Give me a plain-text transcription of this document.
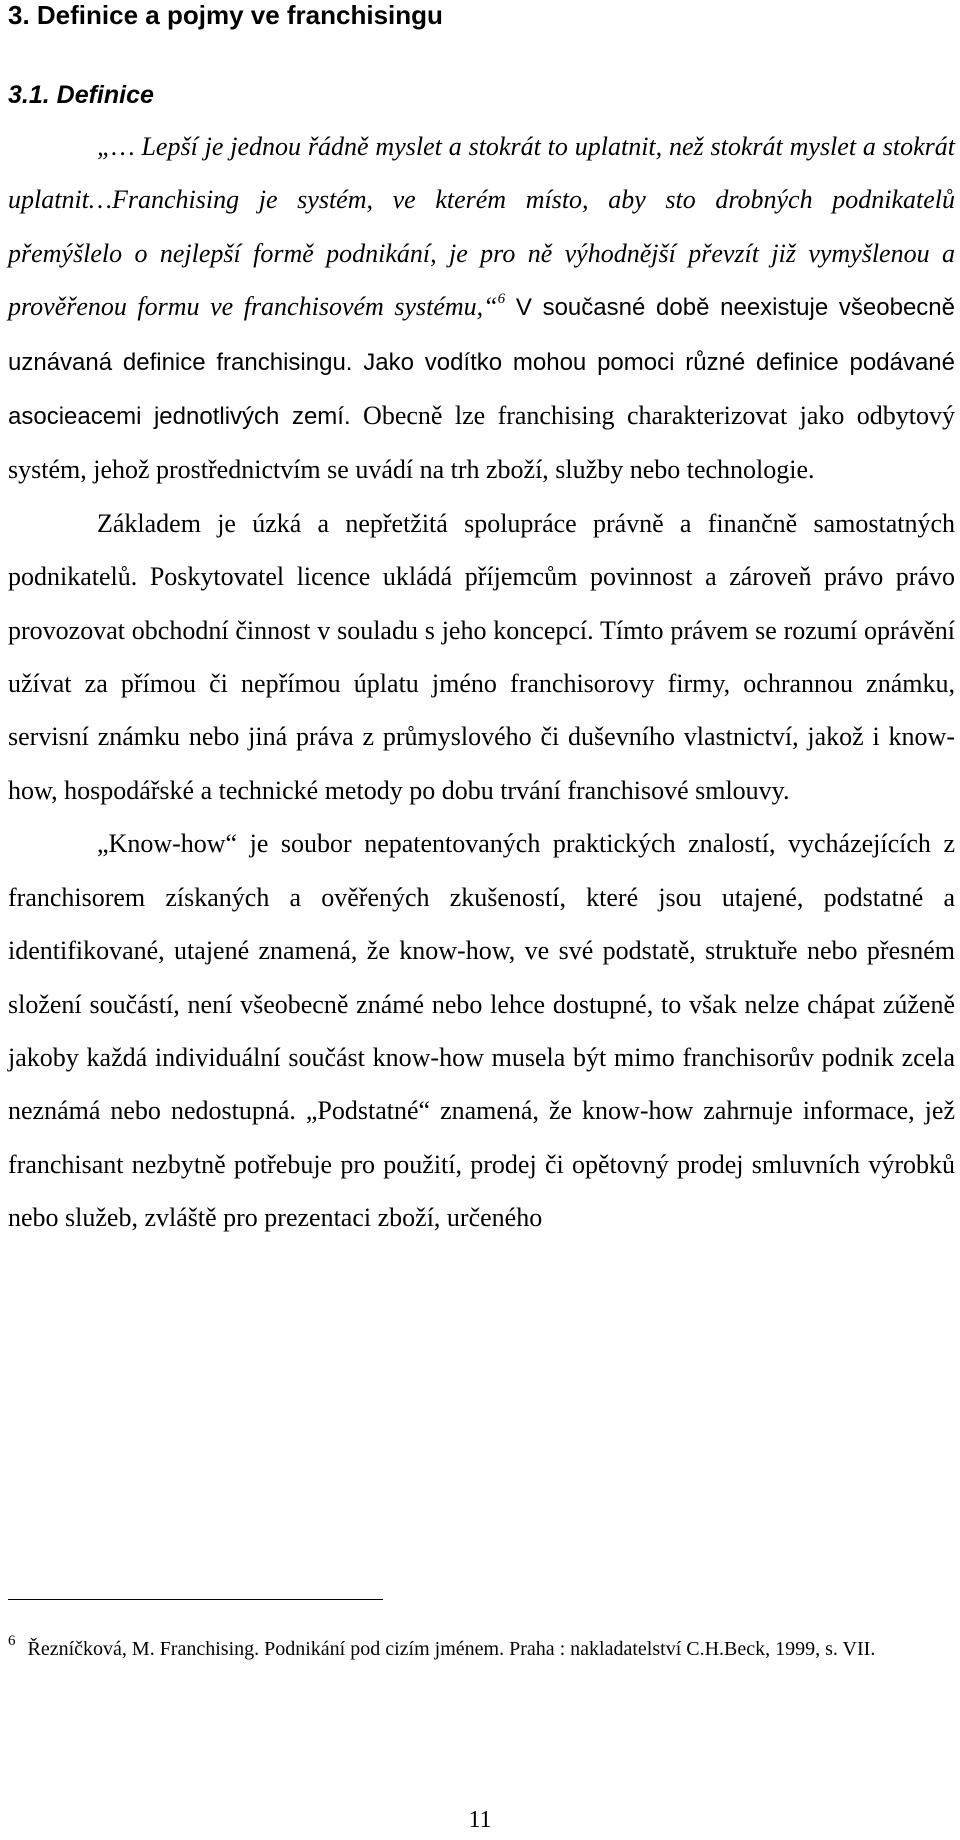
3. Definice a pojmy ve franchisingu
3.1. Definice

„… Lepší je jednou řádně myslet a stokrát to uplatnit, než stokrát myslet a stokrát uplatnit…Franchising je systém, ve kterém místo, aby sto drobných podnikatelů přemýšlelo o nejlepší formě podnikání, je pro ně výhodnější převzít již vymyšlenou a prověřenou formu ve franchisovém systému,“$^6$ V současné době neexistuje všeobecně uznávaná definice franchisingu. Jako vodítko mohou pomoci různé definice podávané asocieacemi jednotlivých zemí. Obecně lze franchising charakterizovat jako odbytový systém, jehož prostřednictvím se uvádí na trh zboží, služby nebo technologie.

Základem je úzká a nepřetžitá spolupráce právně a finančně samostatných podnikatelů. Poskytovatel licence ukládá příjemcům povinnost a zároveň právo právo provozovat obchodní činnost v souladu s jeho koncepcí. Tímto právem se rozumí oprávění užívat za přímou či nepřímou úplatu jméno franchisorovy firmy, ochrannou známku, servisní známku nebo jiná práva z průmyslového či duševního vlastnictví, jakož i know-how, hospodářské a technické metody po dobu trvání franchisové smlouvy.

„Know-how“ je soubor nepatentovaných praktických znalostí, vycházejících z franchisorem získaných a ověřených zkušeností, které jsou utajené, podstatné a identifikované, utajené znamená, že know-how, ve své podstatě, struktuře nebo přesném složení součástí, není všeobecně známé nebo lehce dostupné, to však nelze chápat zúženě jakoby každá individuální součást know-how musela být mimo franchisorův podnik zcela neznámá nebo nedostupná. „Podstatné“ znamená, že know-how zahrnuje informace, jež franchisant nezbytně potřebuje pro použití, prodej či opětovný prodej smluvních výrobků nebo služeb, zvláště pro prezentaci zboží, určeného

$^6$ Řezníčková, M. Franchising. Podnikání pod cizím jménem. Praha : nakladatelství C.H.Beck, 1999, s. VII.
11
